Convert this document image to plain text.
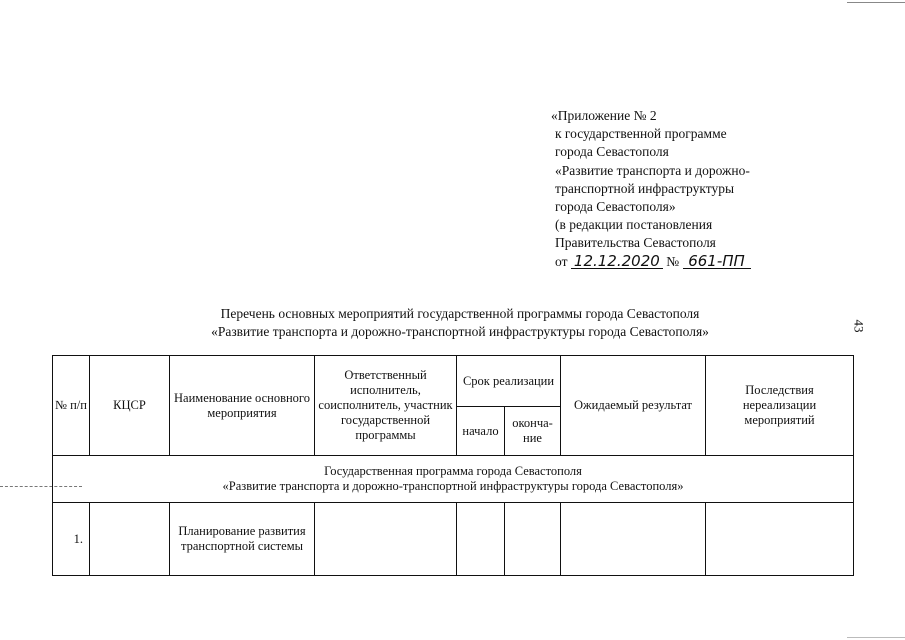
«Приложение № 2
к государственной программе
города Севастополя
«Развитие транспорта и дорожно-
транспортной инфраструктуры
города Севастополя»
(в редакции постановления
Правительства Севастополя
от 12.12.2020 № 661-ПП
43
Перечень основных мероприятий государственной программы города Севастополя
«Развитие транспорта и дорожно-транспортной инфраструктуры города Севастополя»
№ п/п	КЦСР	Наименование основного мероприятия	Ответственный исполнитель, соисполнитель, участник государственной программы	Срок реализации		Ожидаемый результат	Последствия нереализации мероприятий
				начало	оконча-ние		

Государственная программа города Севастополя
«Развитие транспорта и дорожно-транспортной инфраструктуры города Севастополя»							

1.		Планирование развития транспортной системы					
